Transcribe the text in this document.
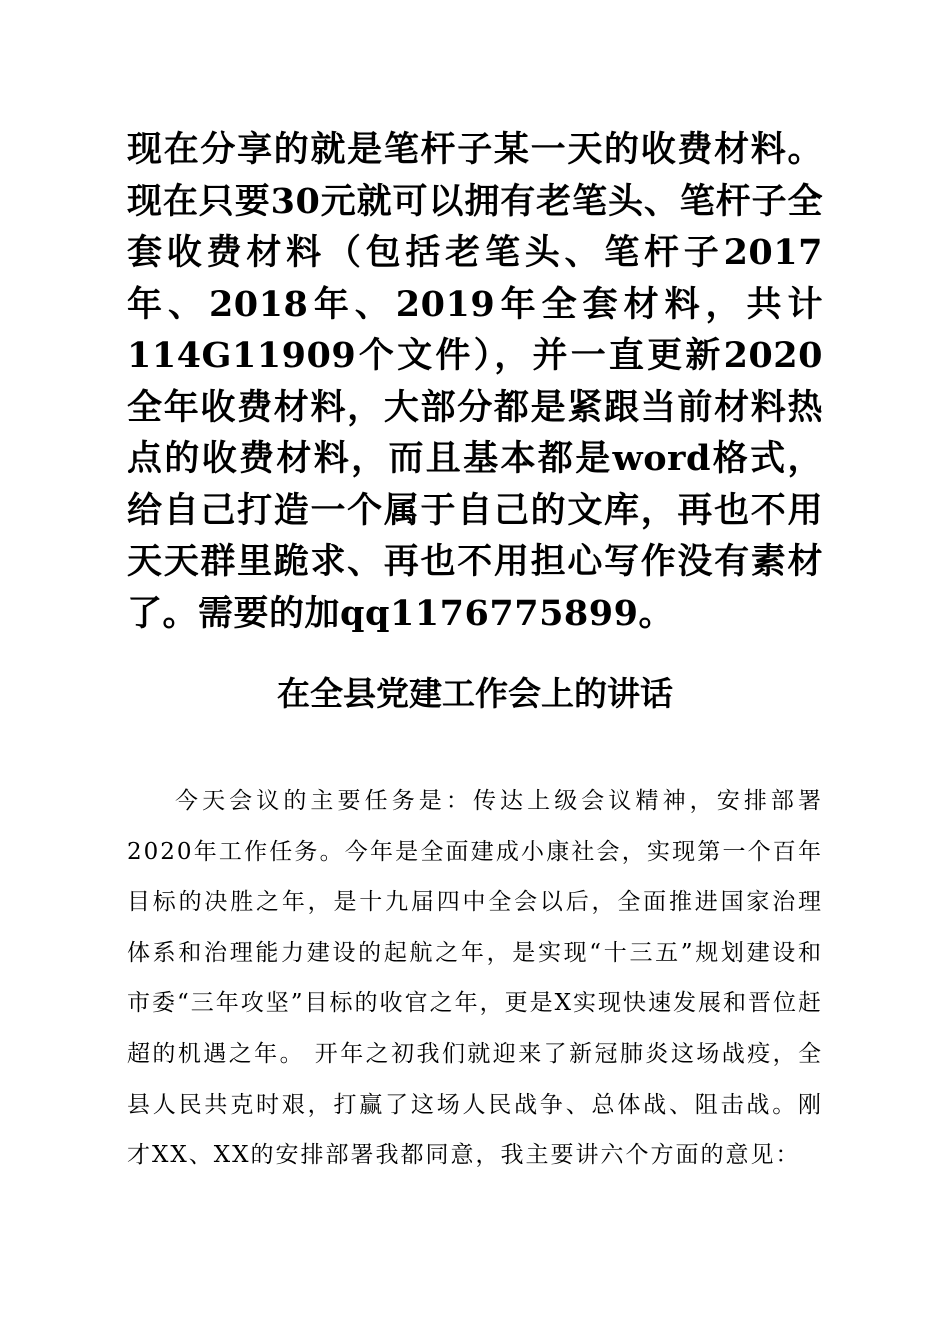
现在分享的就是笔杆子某一天的收费材料。现在只要30元就可以拥有老笔头、笔杆子全套收费材料（包括老笔头、笔杆子2017年、2018年、2019年全套材料，共计114G11909个文件），并一直更新2020全年收费材料，大部分都是紧跟当前材料热点的收费材料，而且基本都是word格式，给自己打造一个属于自己的文库，再也不用天天群里跪求、再也不用担心写作没有素材了。需要的加qq1176775899。

在全县党建工作会上的讲话

今天会议的主要任务是：传达上级会议精神，安排部署2020年工作任务。今年是全面建成小康社会，实现第一个百年目标的决胜之年，是十九届四中全会以后，全面推进国家治理体系和治理能力建设的起航之年，是实现“十三五”规划建设和市委“三年攻坚”目标的收官之年，更是X实现快速发展和晋位赶超的机遇之年。 开年之初我们就迎来了新冠肺炎这场战疫，全县人民共克时艰，打赢了这场人民战争、总体战、阻击战。刚才XX、XX的安排部署我都同意，我主要讲六个方面的意见：
